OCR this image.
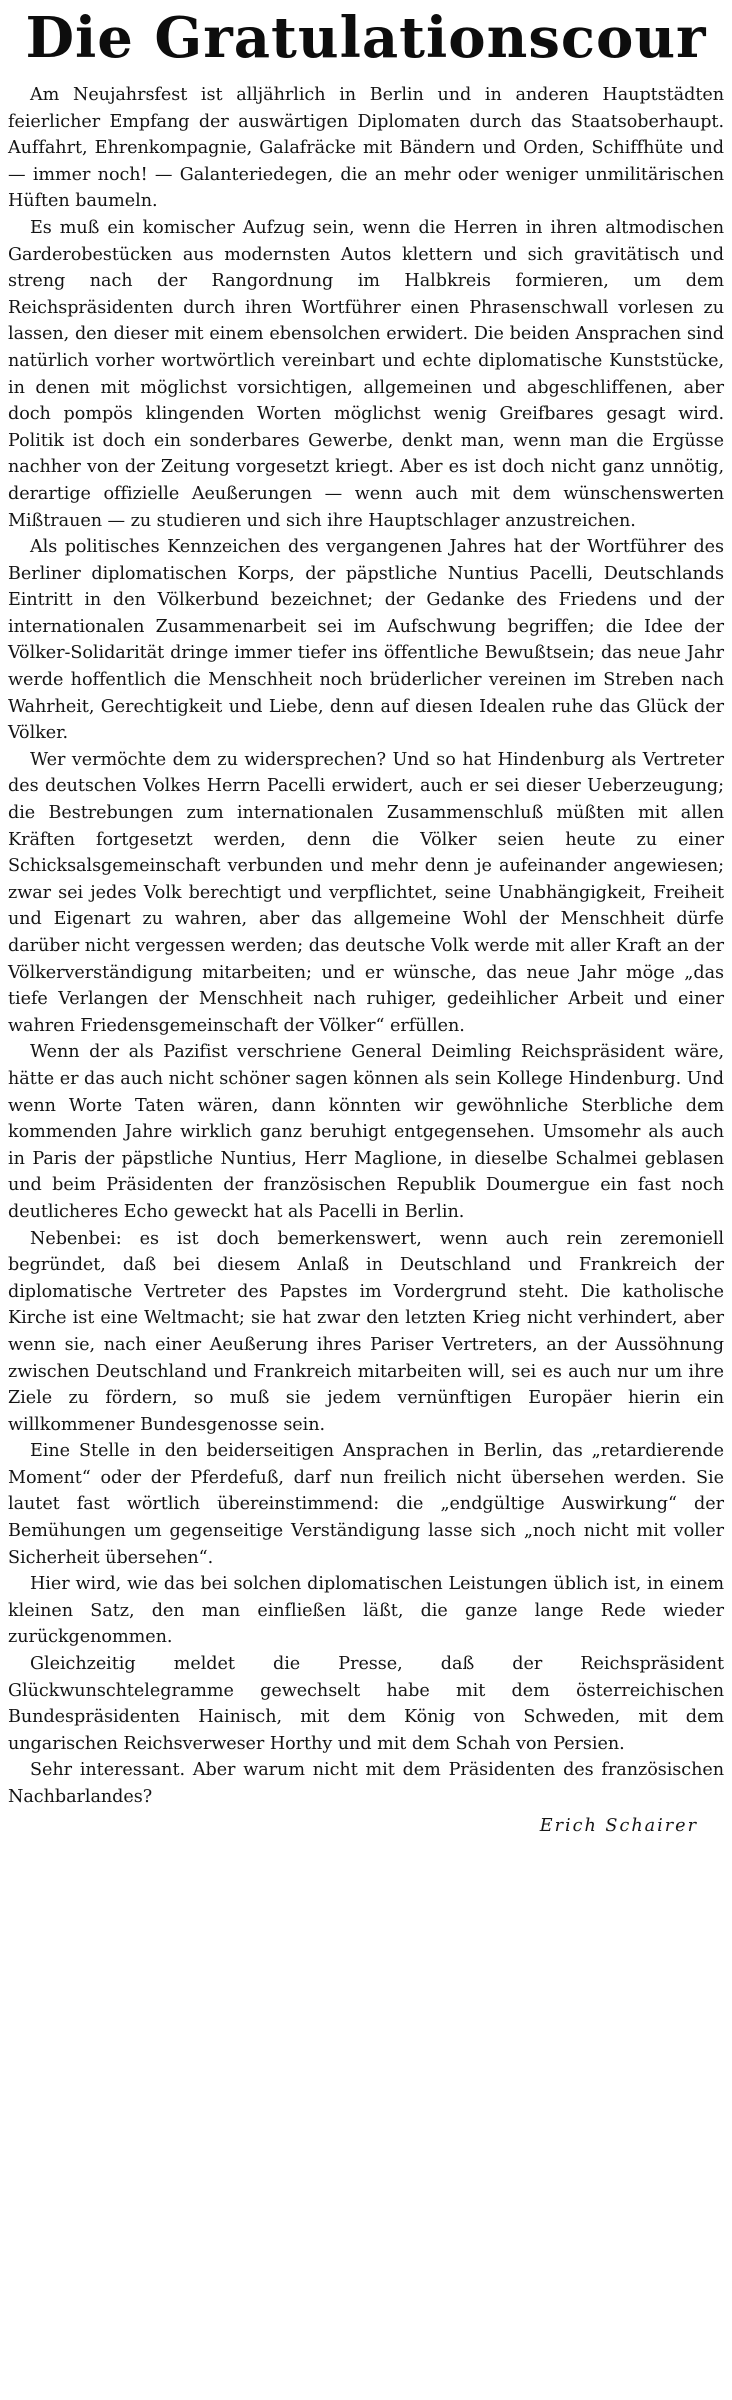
Die Gratulationscour

Am Neujahrsfest ist alljährlich in Berlin und in anderen Hauptstädten feierlicher Empfang der auswärtigen Diplomaten durch das Staatsoberhaupt. Auffahrt, Ehrenkompagnie, Galafräcke mit Bändern und Orden, Schiffhüte und — immer noch! — Galanteriedegen, die an mehr oder weniger unmilitärischen Hüften baumeln.

Es muß ein komischer Aufzug sein, wenn die Herren in ihren altmodischen Garderobestücken aus modernsten Autos klettern und sich gravitätisch und streng nach der Rangordnung im Halbkreis formieren, um dem Reichspräsidenten durch ihren Wortführer einen Phrasenschwall vorlesen zu lassen, den dieser mit einem ebensolchen erwidert. Die beiden Ansprachen sind natürlich vorher wortwörtlich vereinbart und echte diplomatische Kunststücke, in denen mit möglichst vorsichtigen, allgemeinen und abgeschliffenen, aber doch pompös klingenden Worten möglichst wenig Greifbares gesagt wird. Politik ist doch ein sonderbares Gewerbe, denkt man, wenn man die Ergüsse nachher von der Zeitung vorgesetzt kriegt. Aber es ist doch nicht ganz unnötig, derartige offizielle Aeußerungen — wenn auch mit dem wünschenswerten Mißtrauen — zu studieren und sich ihre Hauptschlager anzustreichen.

Als politisches Kennzeichen des vergangenen Jahres hat der Wortführer des Berliner diplomatischen Korps, der päpstliche Nuntius Pacelli, Deutschlands Eintritt in den Völkerbund bezeichnet; der Gedanke des Friedens und der internationalen Zusammenarbeit sei im Aufschwung begriffen; die Idee der Völker-Solidarität dringe immer tiefer ins öffentliche Bewußtsein; das neue Jahr werde hoffentlich die Menschheit noch brüderlicher vereinen im Streben nach Wahrheit, Gerechtigkeit und Liebe, denn auf diesen Idealen ruhe das Glück der Völker.

Wer vermöchte dem zu widersprechen? Und so hat Hindenburg als Vertreter des deutschen Volkes Herrn Pacelli erwidert, auch er sei dieser Ueberzeugung; die Bestrebungen zum internationalen Zusammenschluß müßten mit allen Kräften fortgesetzt werden, denn die Völker seien heute zu einer Schicksalsgemeinschaft verbunden und mehr denn je aufeinander angewiesen; zwar sei jedes Volk berechtigt und verpflichtet, seine Unabhängigkeit, Freiheit und Eigenart zu wahren, aber das allgemeine Wohl der Menschheit dürfe darüber nicht vergessen werden; das deutsche Volk werde mit aller Kraft an der Völkerverständigung mitarbeiten; und er wünsche, das neue Jahr möge „das tiefe Verlangen der Menschheit nach ruhiger, gedeihlicher Arbeit und einer wahren Friedensgemeinschaft der Völker“ erfüllen.

Wenn der als Pazifist verschriene General Deimling Reichspräsident wäre, hätte er das auch nicht schöner sagen können als sein Kollege Hindenburg. Und wenn Worte Taten wären, dann könnten wir gewöhnliche Sterbliche dem kommenden Jahre wirklich ganz beruhigt entgegensehen. Umsomehr als auch in Paris der päpstliche Nuntius, Herr Maglione, in dieselbe Schalmei geblasen und beim Präsidenten der französischen Republik Doumergue ein fast noch deutlicheres Echo geweckt hat als Pacelli in Berlin.

Nebenbei: es ist doch bemerkenswert, wenn auch rein zeremoniell begründet, daß bei diesem Anlaß in Deutschland und Frankreich der diplomatische Vertreter des Papstes im Vordergrund steht. Die katholische Kirche ist eine Weltmacht; sie hat zwar den letzten Krieg nicht verhindert, aber wenn sie, nach einer Aeußerung ihres Pariser Vertreters, an der Aussöhnung zwischen Deutschland und Frankreich mitarbeiten will, sei es auch nur um ihre Ziele zu fördern, so muß sie jedem vernünftigen Europäer hierin ein willkommener Bundesgenosse sein.

Eine Stelle in den beiderseitigen Ansprachen in Berlin, das „retardierende Moment“ oder der Pferdefuß, darf nun freilich nicht übersehen werden. Sie lautet fast wörtlich übereinstimmend: die „endgültige Auswirkung“ der Bemühungen um gegenseitige Verständigung lasse sich „noch nicht mit voller Sicherheit übersehen“.

Hier wird, wie das bei solchen diplomatischen Leistungen üblich ist, in einem kleinen Satz, den man einfließen läßt, die ganze lange Rede wieder zurückgenommen.

Gleichzeitig meldet die Presse, daß der Reichspräsident Glückwunschtelegramme gewechselt habe mit dem österreichischen Bundespräsidenten Hainisch, mit dem König von Schweden, mit dem ungarischen Reichsverweser Horthy und mit dem Schah von Persien.

Sehr interessant. Aber warum nicht mit dem Präsidenten des französischen Nachbarlandes?

Erich Schairer
